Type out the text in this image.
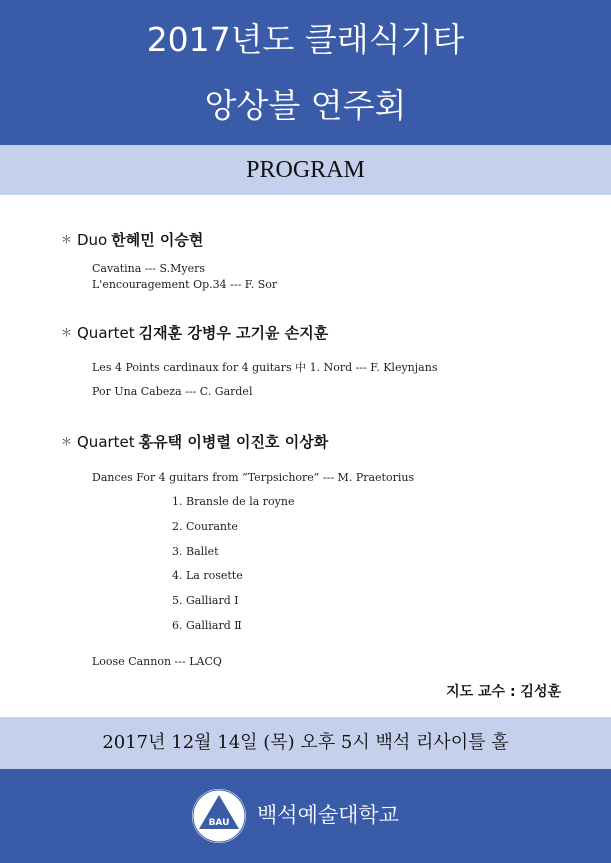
2017년도 클래식기타
앙상블 연주회
PROGRAM
＊ Duo 한혜민 이승현
Cavatina --- S.Myers
L'encouragement Op.34 --- F. Sor
＊ Quartet 김재훈 강병우 고기윤 손지훈
Les 4 Points cardinaux for 4 guitars 中 1. Nord --- F. Kleynjans
Por Una Cabeza --- C. Gardel
＊ Quartet 홍유택 이병렬 이진호 이상화
Dances For 4 guitars from “Terpsichore” --- M. Praetorius
1. Bransle de la royne
2. Courante
3. Ballet
4. La rosette
5. Galliard Ⅰ
6. Galliard Ⅱ
Loose Cannon --- LACQ
지도 교수 : 김성훈
2017년 12월 14일 (목) 오후 5시 백석 리사이틀 홀
BAU 백석예술대학교
